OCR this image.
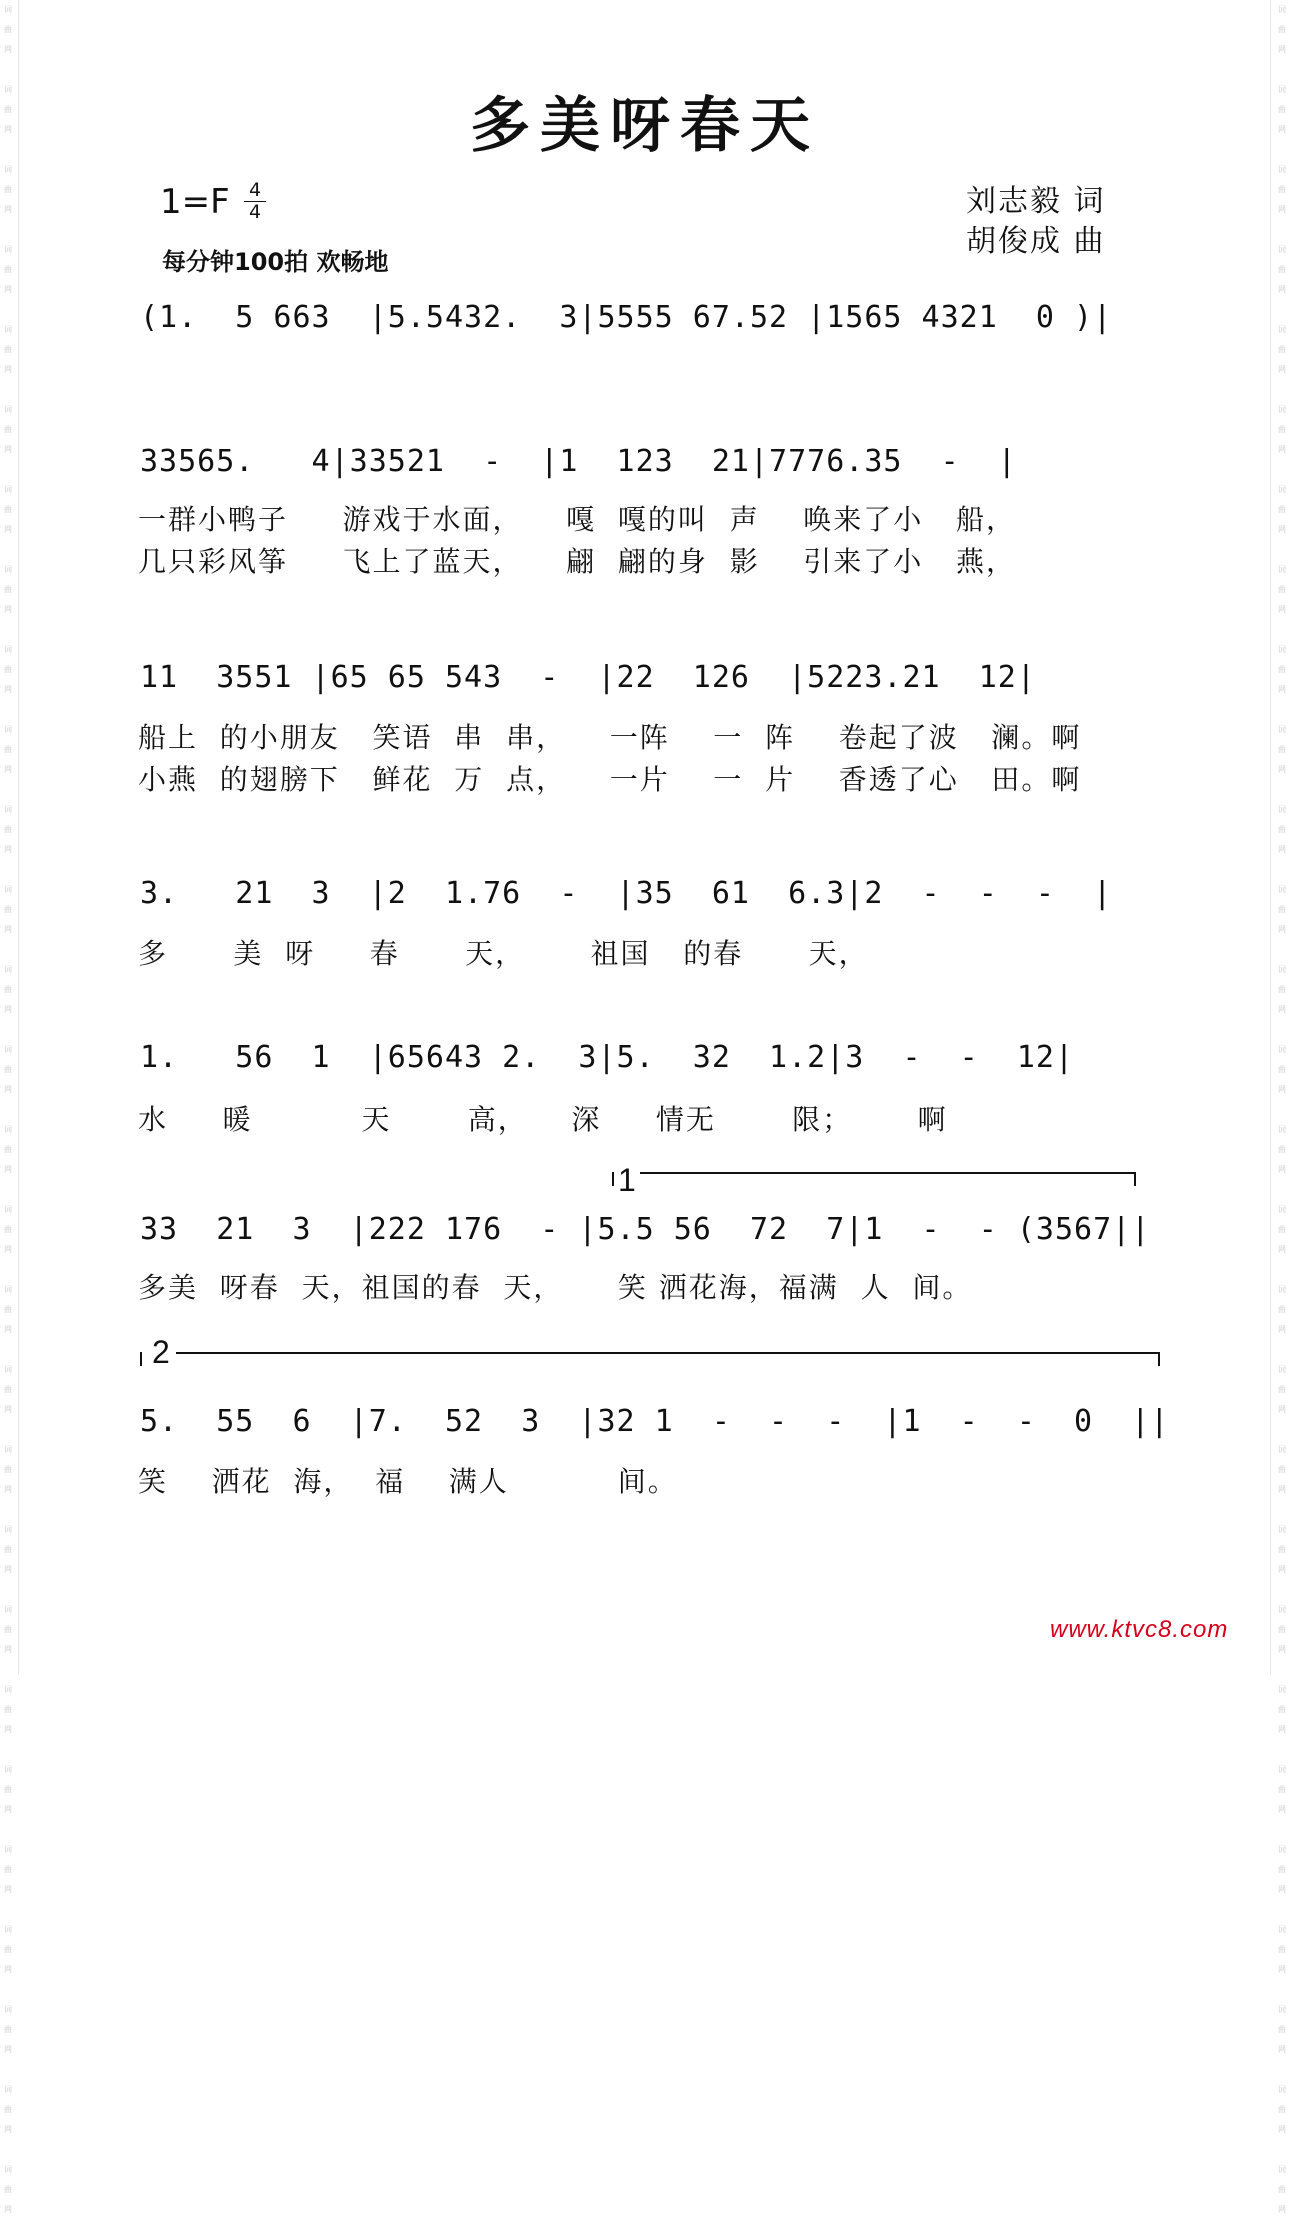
词
曲
网

词
曲
网

词
曲
网

词
曲
网

词
曲
网

词
曲
网

词
曲
网

词
曲
网

词
曲
网

词
曲
网

词
曲
网

词
曲
网

词
曲
网

词
曲
网

词
曲
网

词
曲
网

词
曲
网

词
曲
网

词
曲
网

词
曲
网

词
曲
网

词
曲
网

词
曲
网

词
曲
网

词
曲
网

词
曲
网

词
曲
网

词
曲
网
词
曲
网

词
曲
网

词
曲
网

词
曲
网

词
曲
网

词
曲
网

词
曲
网

词
曲
网

词
曲
网

词
曲
网

词
曲
网

词
曲
网

词
曲
网

词
曲
网

词
曲
网

词
曲
网

词
曲
网

词
曲
网

词
曲
网

词
曲
网

词
曲
网

词
曲
网

词
曲
网

词
曲
网

词
曲
网

词
曲
网

词
曲
网

词
曲
网
多美呀春天
1=F 4
4
每分钟100拍 欢畅地
刘志毅 词
胡俊成 曲
(1.  5 663  |5.5432.  3|5555 67.52 |1565 4321  0 )|
33565.   4|33521  -  |1  123  21|7776.35  -  |
一群小鸭子     游戏于水面，    嘎  嘎的叫  声    唤来了小   船，
几只彩风筝     飞上了蓝天，    翩  翩的身  影    引来了小   燕，
11  3551 |65 65 543  -  |22  126  |5223.21  12|
船上  的小朋友   笑语  串  串，    一阵    一  阵    卷起了波   澜。啊
小燕  的翅膀下   鲜花  万  点，    一片    一  片    香透了心   田。啊
3.   21  3  |2  1.76  -  |35  61  6.3|2  -  -  -  |
多      美  呀     春      天，      祖国   的春      天，
1.   56  1  |65643 2.  3|5.  32  1.2|3  -  -  12|
水     暖          天       高，    深     情无       限；      啊
1
33  21  3  |222 176  - |5.5 56  72  7|1  -  - (3567||
多美  呀春  天，祖国的春  天，     笑 洒花海，福满  人  间。
2
5.  55  6  |7.  52  3  |32 1  -  -  -  |1  -  -  0  ||
笑    洒花  海，  福    满人          间。
www.ktvc8.com
